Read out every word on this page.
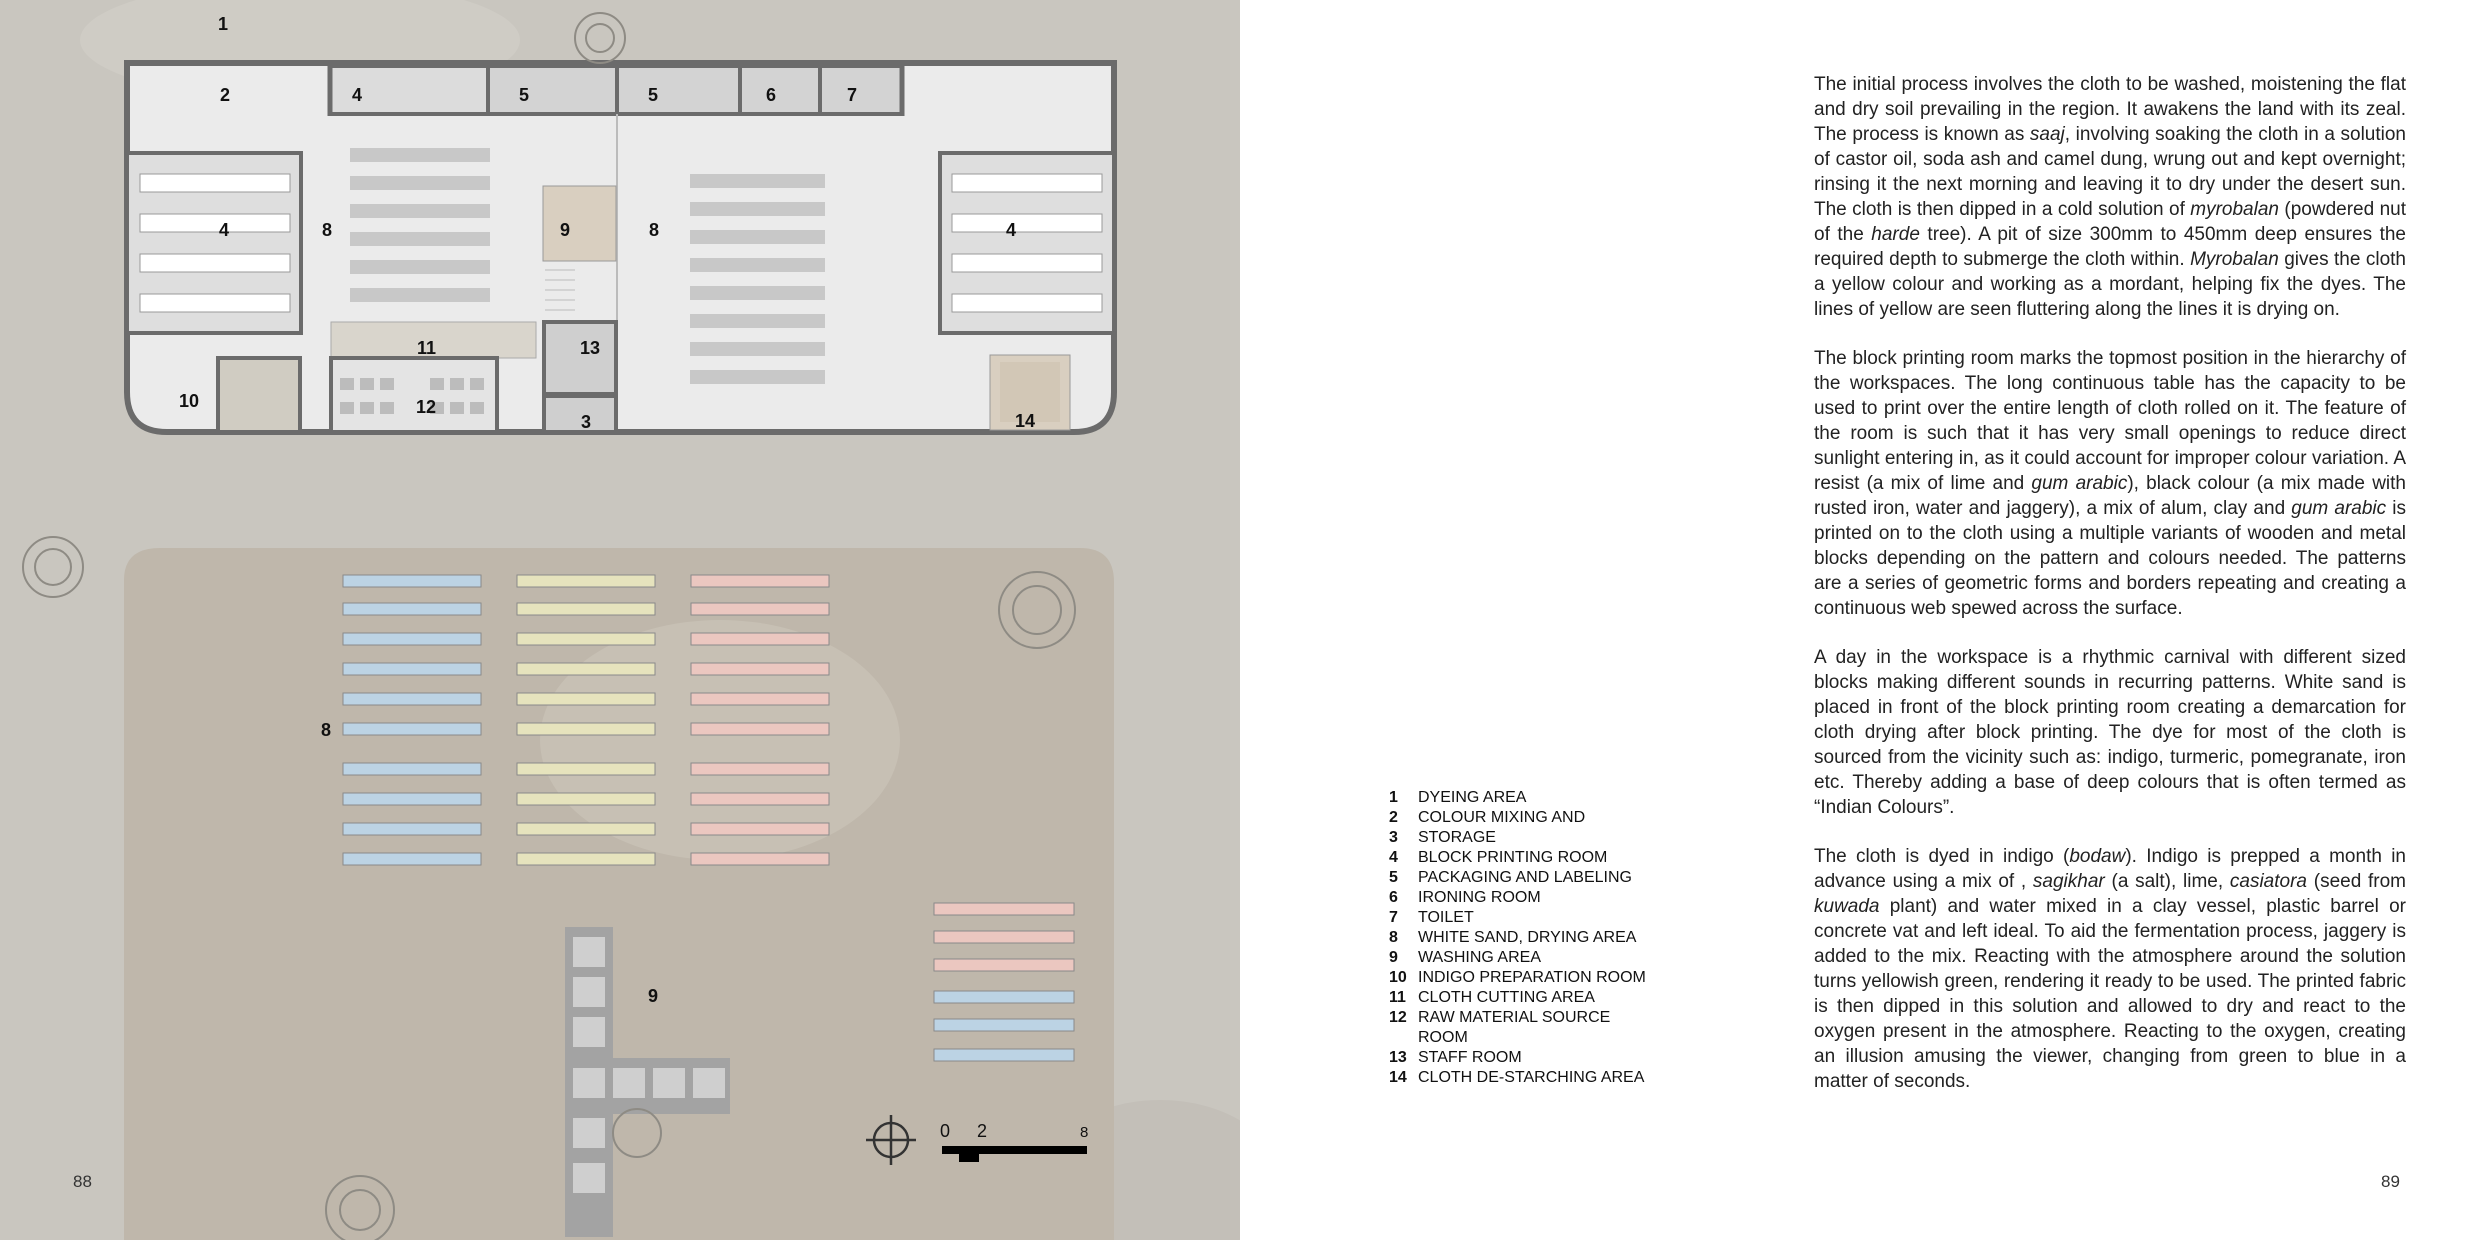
0 2	8
1
2	4	5	5	6	7
4	8	9	8	4
11	13
10	12
3	14
8
9
88	89
1	DYEING AREA
2	COLOUR MIXING AND
3	STORAGE
4	BLOCK PRINTING ROOM
5	PACKAGING AND LABELING
6	IRONING ROOM
7	TOILET
8	WHITE SAND, DRYING AREA
9	WASHING AREA
10 INDIGO PREPARATION ROOM
11 CLOTH CUTTING AREA
12 RAW MATERIAL SOURCE ROOM
13 STAFF ROOM
14 CLOTH DE-STARCHING AREA

The initial process involves the cloth to be washed, moistening the flat and dry soil prevailing in the region. It awakens the land with its zeal. The process is known as saaj, involving soaking the cloth in a solution of castor oil, soda ash and camel dung, wrung out and kept overnight; rinsing it the next morning and leaving it to dry under the desert sun. The cloth is then dipped in a cold solution of myrobalan (powdered nut of the harde tree). A pit of size 300mm to 450mm deep ensures the required depth to submerge the cloth within. Myrobalan gives the cloth a yellow colour and working as a mordant, helping fix the dyes. The lines of yellow are seen fluttering along the lines it is drying on.

The block printing room marks the topmost position in the hierarchy of the workspaces. The long continuous table has the capacity to be used to print over the entire length of cloth rolled on it. The feature of the room is such that it has very small openings to reduce direct sunlight entering in, as it could account for improper colour variation. A resist (a mix of lime and gum arabic), black colour (a mix made with rusted iron, water and jaggery), a mix of alum, clay and gum arabic is printed on to the cloth using a multiple variants of wooden and metal blocks depending on the pattern and colours needed. The patterns are a series of geometric forms and borders repeating and creating a continuous web spewed across the surface.

A day in the workspace is a rhythmic carnival with different sized blocks making different sounds in recurring patterns. White sand is placed in front of the block printing room creating a demarcation for cloth drying after block printing. The dye for most of the cloth is sourced from the vicinity such as: indigo, turmeric, pomegranate, iron etc. Thereby adding a base of deep colours that is often termed as “Indian Colours”.

The cloth is dyed in indigo (bodaw). Indigo is prepped a month in advance using a mix of , sagikhar (a salt), lime, casiatora (seed from kuwada plant) and water mixed in a clay vessel, plastic barrel or concrete vat and left ideal. To aid the fermentation process, jaggery is added to the mix. Reacting with the atmosphere around the solution turns yellowish green, rendering it ready to be used. The printed fabric is then dipped in this solution and allowed to dry and react to the oxygen present in the atmosphere. Reacting to the oxygen, creating an illusion amusing the viewer, changing from green to blue in a matter of seconds.
